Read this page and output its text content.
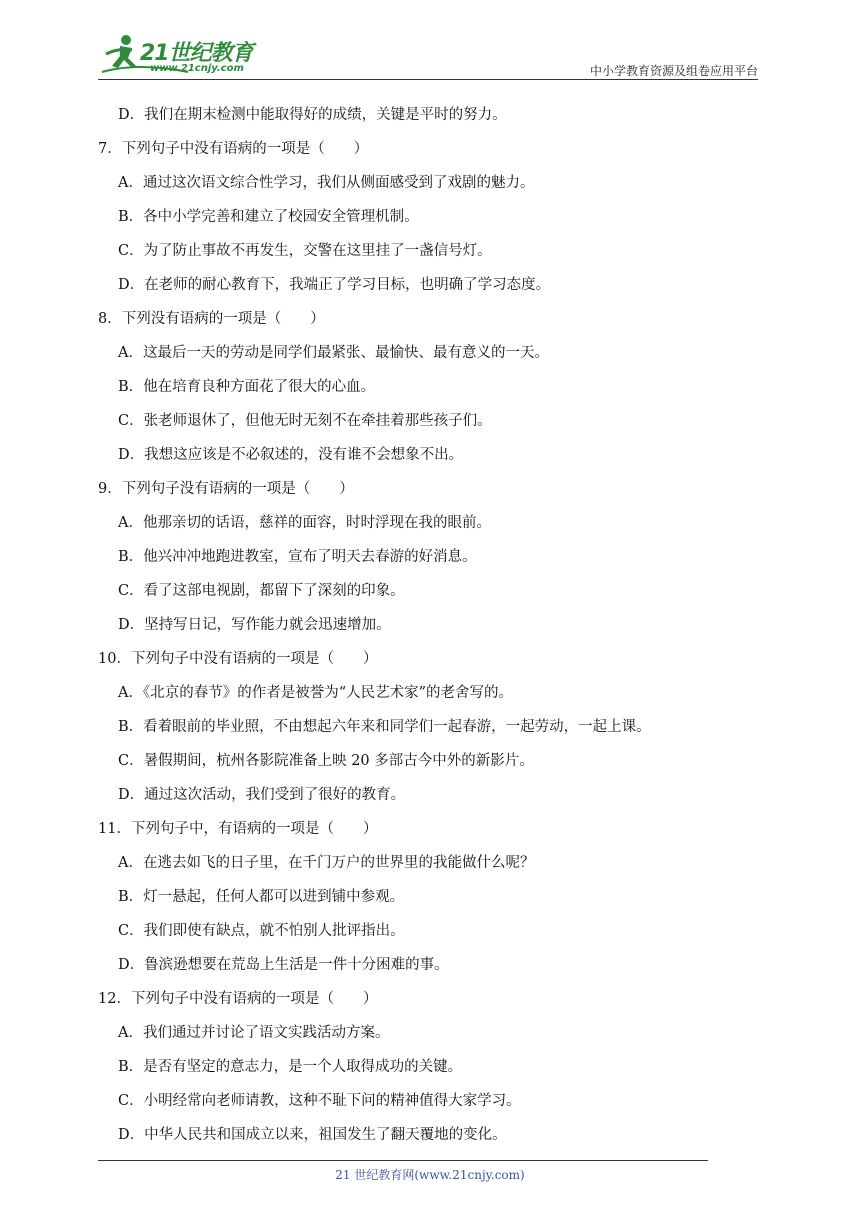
21世纪教育
www.21cnjy.com	中小学教育资源及组卷应用平台
D．我们在期末检测中能取得好的成绩，关键是平时的努力。
7．下列句子中没有语病的一项是（　　）
A．通过这次语文综合性学习，我们从侧面感受到了戏剧的魅力。
B．各中小学完善和建立了校园安全管理机制。
C．为了防止事故不再发生，交警在这里挂了一盏信号灯。
D．在老师的耐心教育下，我端正了学习目标，也明确了学习态度。
8．下列没有语病的一项是（　　）
A．这最后一天的劳动是同学们最紧张、最愉快、最有意义的一天。
B．他在培育良种方面花了很大的心血。
C．张老师退休了，但他无时无刻不在牵挂着那些孩子们。
D．我想这应该是不必叙述的，没有谁不会想象不出。
9．下列句子没有语病的一项是（　　）
A．他那亲切的话语，慈祥的面容，时时浮现在我的眼前。
B．他兴冲冲地跑进教室，宣布了明天去春游的好消息。
C．看了这部电视剧，都留下了深刻的印象。
D．坚持写日记，写作能力就会迅速增加。
10．下列句子中没有语病的一项是（　　）
A．《北京的春节》的作者是被誉为“人民艺术家”的老舍写的。
B．看着眼前的毕业照，不由想起六年来和同学们一起春游，一起劳动，一起上课。
C．暑假期间，杭州各影院准备上映 20 多部古今中外的新影片。
D．通过这次活动，我们受到了很好的教育。
11．下列句子中，有语病的一项是（　　）
A．在逃去如飞的日子里，在千门万户的世界里的我能做什么呢？
B．灯一悬起，任何人都可以进到铺中参观。
C．我们即使有缺点，就不怕别人批评指出。
D．鲁滨逊想要在荒岛上生活是一件十分困难的事。
12．下列句子中没有语病的一项是（　　）
A．我们通过并讨论了语文实践活动方案。
B．是否有坚定的意志力，是一个人取得成功的关键。
C．小明经常向老师请教，这种不耻下问的精神值得大家学习。
D．中华人民共和国成立以来，祖国发生了翻天覆地的变化。
21 世纪教育网(www.21cnjy.com)
